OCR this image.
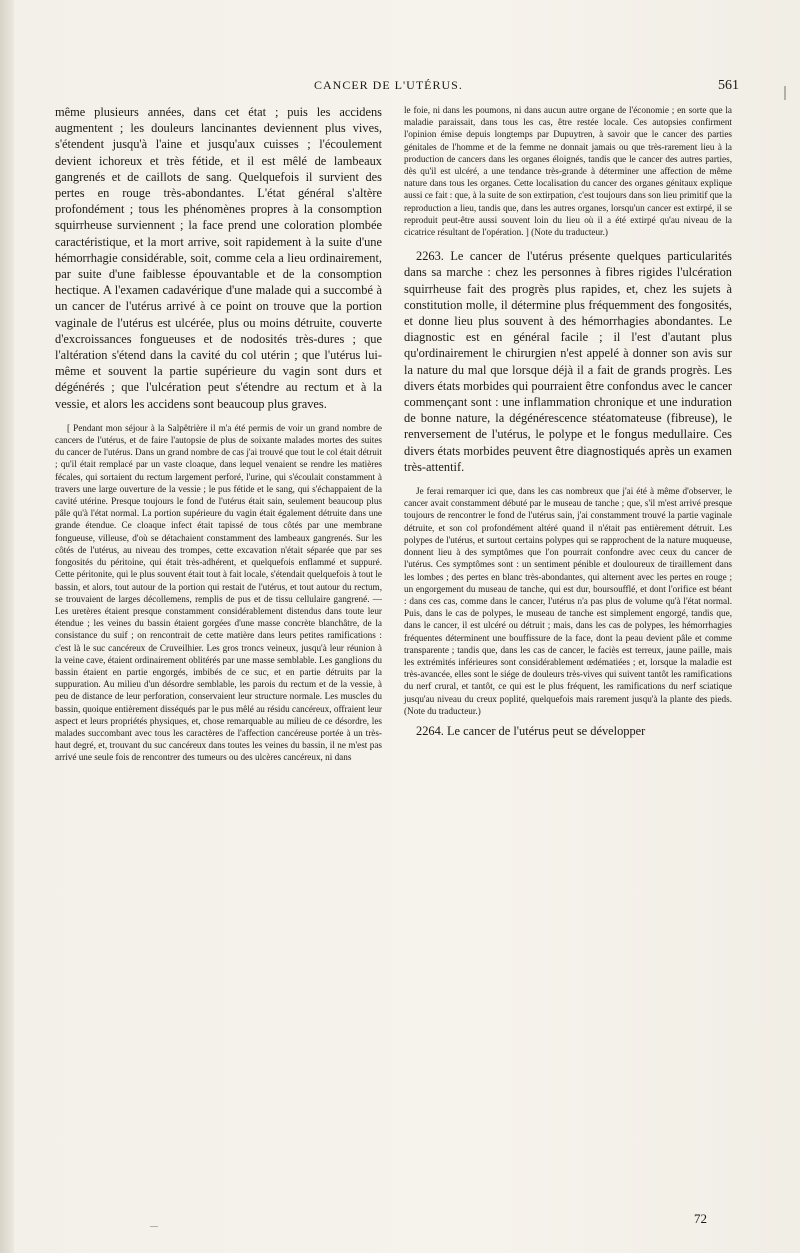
CANCER DE L'UTÉRUS.	561

même plusieurs années, dans cet état ; puis les accidens augmentent ; les douleurs lancinantes deviennent plus vives, s'étendent jusqu'à l'aine et jusqu'aux cuisses ; l'écoulement devient ichoreux et très fétide, et il est mêlé de lambeaux gangrenés et de caillots de sang. Quelquefois il survient des pertes en rouge très-abondantes. L'état général s'altère profondément ; tous les phénomènes propres à la consomption squirrheuse surviennent ; la face prend une coloration plombée caractéristique, et la mort arrive, soit rapidement à la suite d'une hémorrhagie considérable, soit, comme cela a lieu ordinairement, par suite d'une faiblesse épouvantable et de la consomption hectique. A l'examen cadavérique d'une malade qui a succombé à un cancer de l'utérus arrivé à ce point on trouve que la portion vaginale de l'utérus est ulcérée, plus ou moins détruite, couverte d'excroissances fongueuses et de nodosités très-dures ; que l'altération s'étend dans la cavité du col utérin ; que l'utérus lui-même et souvent la partie supérieure du vagin sont durs et dégénérés ; que l'ulcération peut s'étendre au rectum et à la vessie, et alors les accidens sont beaucoup plus graves.

[ Pendant mon séjour à la Salpêtrière il m'a été permis de voir un grand nombre de cancers de l'utérus, et de faire l'autopsie de plus de soixante malades mortes des suites du cancer de l'utérus. Dans un grand nombre de cas j'ai trouvé que tout le col était détruit ; qu'il était remplacé par un vaste cloaque, dans lequel venaient se rendre les matières fécales, qui sortaient du rectum largement perforé, l'urine, qui s'écoulait constamment à travers une large ouverture de la vessie ; le pus fétide et le sang, qui s'échappaient de la cavité utérine. Presque toujours le fond de l'utérus était sain, seulement beaucoup plus pâle qu'à l'état normal. La portion supérieure du vagin était également détruite dans une grande étendue. Ce cloaque infect était tapissé de tous côtés par une membrane fongueuse, villeuse, d'où se détachaient constamment des lambeaux gangrenés. Sur les côtés de l'utérus, au niveau des trompes, cette excavation n'était séparée que par ses fongosités du péritoine, qui était très-adhérent, et quelquefois enflammé et suppuré. Cette péritonite, qui le plus souvent était tout à fait locale, s'étendait quelquefois à tout le bassin, et alors, tout autour de la portion qui restait de l'utérus, et tout autour du rectum, se trouvaient de larges décollemens, remplis de pus et de tissu cellulaire gangrené. — Les uretères étaient presque constamment considérablement distendus dans toute leur étendue ; les veines du bassin étaient gorgées d'une masse concrète blanchâtre, de la consistance du suif ; on rencontrait de cette matière dans leurs petites ramifications : c'est là le suc cancéreux de Cruveilhier. Les gros troncs veineux, jusqu'à leur réunion à la veine cave, étaient ordinairement oblitérés par une masse semblable. Les ganglions du bassin étaient en partie engorgés, imbibés de ce suc, et en partie détruits par la suppuration. Au milieu d'un désordre semblable, les parois du rectum et de la vessie, à peu de distance de leur perforation, conservaient leur structure normale. Les muscles du bassin, quoique entièrement disséqués par le pus mêlé au résidu cancéreux, offraient leur aspect et leurs propriétés physiques, et, chose remarquable au milieu de ce désordre, les malades succombant avec tous les caractères de l'affection cancéreuse portée à un très-haut degré, et, trouvant du suc cancéreux dans toutes les veines du bassin, il ne m'est pas arrivé une seule fois de rencontrer des tumeurs ou des ulcères cancéreux, ni dans

le foie, ni dans les poumons, ni dans aucun autre organe de l'économie ; en sorte que la maladie paraissait, dans tous les cas, être restée locale. Ces autopsies confirment l'opinion émise depuis longtemps par Dupuytren, à savoir que le cancer des parties génitales de l'homme et de la femme ne donnait jamais ou que très-rarement lieu à la production de cancers dans les organes éloignés, tandis que le cancer des autres parties, dès qu'il est ulcéré, a une tendance très-grande à déterminer une affection de même nature dans tous les organes. Cette localisation du cancer des organes génitaux explique aussi ce fait : que, à la suite de son extirpation, c'est toujours dans son lieu primitif que la reproduction a lieu, tandis que, dans les autres organes, lorsqu'un cancer est extirpé, il se reproduit peut-être aussi souvent loin du lieu où il a été extirpé qu'au niveau de la cicatrice résultant de l'opération. ] (Note du traducteur.)

2263. Le cancer de l'utérus présente quelques particularités dans sa marche : chez les personnes à fibres rigides l'ulcération squirrheuse fait des progrès plus rapides, et, chez les sujets à constitution molle, il détermine plus fréquemment des fongosités, et donne lieu plus souvent à des hémorrhagies abondantes. Le diagnostic est en général facile ; il l'est d'autant plus qu'ordinairement le chirurgien n'est appelé à donner son avis sur la nature du mal que lorsque déjà il a fait de grands progrès. Les divers états morbides qui pourraient être confondus avec le cancer commençant sont : une inflammation chronique et une induration de bonne nature, la dégénérescence stéatomateuse (fibreuse), le renversement de l'utérus, le polype et le fongus medullaire. Ces divers états morbides peuvent être diagnostiqués après un examen très-attentif.

Je ferai remarquer ici que, dans les cas nombreux que j'ai été à même d'observer, le cancer avait constamment débuté par le museau de tanche ; que, s'il m'est arrivé presque toujours de rencontrer le fond de l'utérus sain, j'ai constamment trouvé la partie vaginale détruite, et son col profondément altéré quand il n'était pas entièrement détruit. Les polypes de l'utérus, et surtout certains polypes qui se rapprochent de la nature muqueuse, donnent lieu à des symptômes que l'on pourrait confondre avec ceux du cancer de l'utérus. Ces symptômes sont : un sentiment pénible et douloureux de tiraillement dans les lombes ; des pertes en blanc très-abondantes, qui alternent avec les pertes en rouge ; un engorgement du museau de tanche, qui est dur, boursoufflé, et dont l'orifice est béant : dans ces cas, comme dans le cancer, l'utérus n'a pas plus de volume qu'à l'état normal. Puis, dans le cas de polypes, le museau de tanche est simplement engorgé, tandis que, dans le cancer, il est ulcéré ou détruit ; mais, dans les cas de polypes, les hémorrhagies fréquentes déterminent une bouffissure de la face, dont la peau devient pâle et comme transparente ; tandis que, dans les cas de cancer, le faciès est terreux, jaune paille, mais les extrémités inférieures sont considérablement œdématiées ; et, lorsque la maladie est très-avancée, elles sont le siége de douleurs très-vives qui suivent tantôt les ramifications du nerf crural, et tantôt, ce qui est le plus fréquent, les ramifications du nerf sciatique jusqu'au niveau du creux poplité, quelquefois mais rarement jusqu'à la plante des pieds. (Note du traducteur.)

2264. Le cancer de l'utérus peut se développer

72
